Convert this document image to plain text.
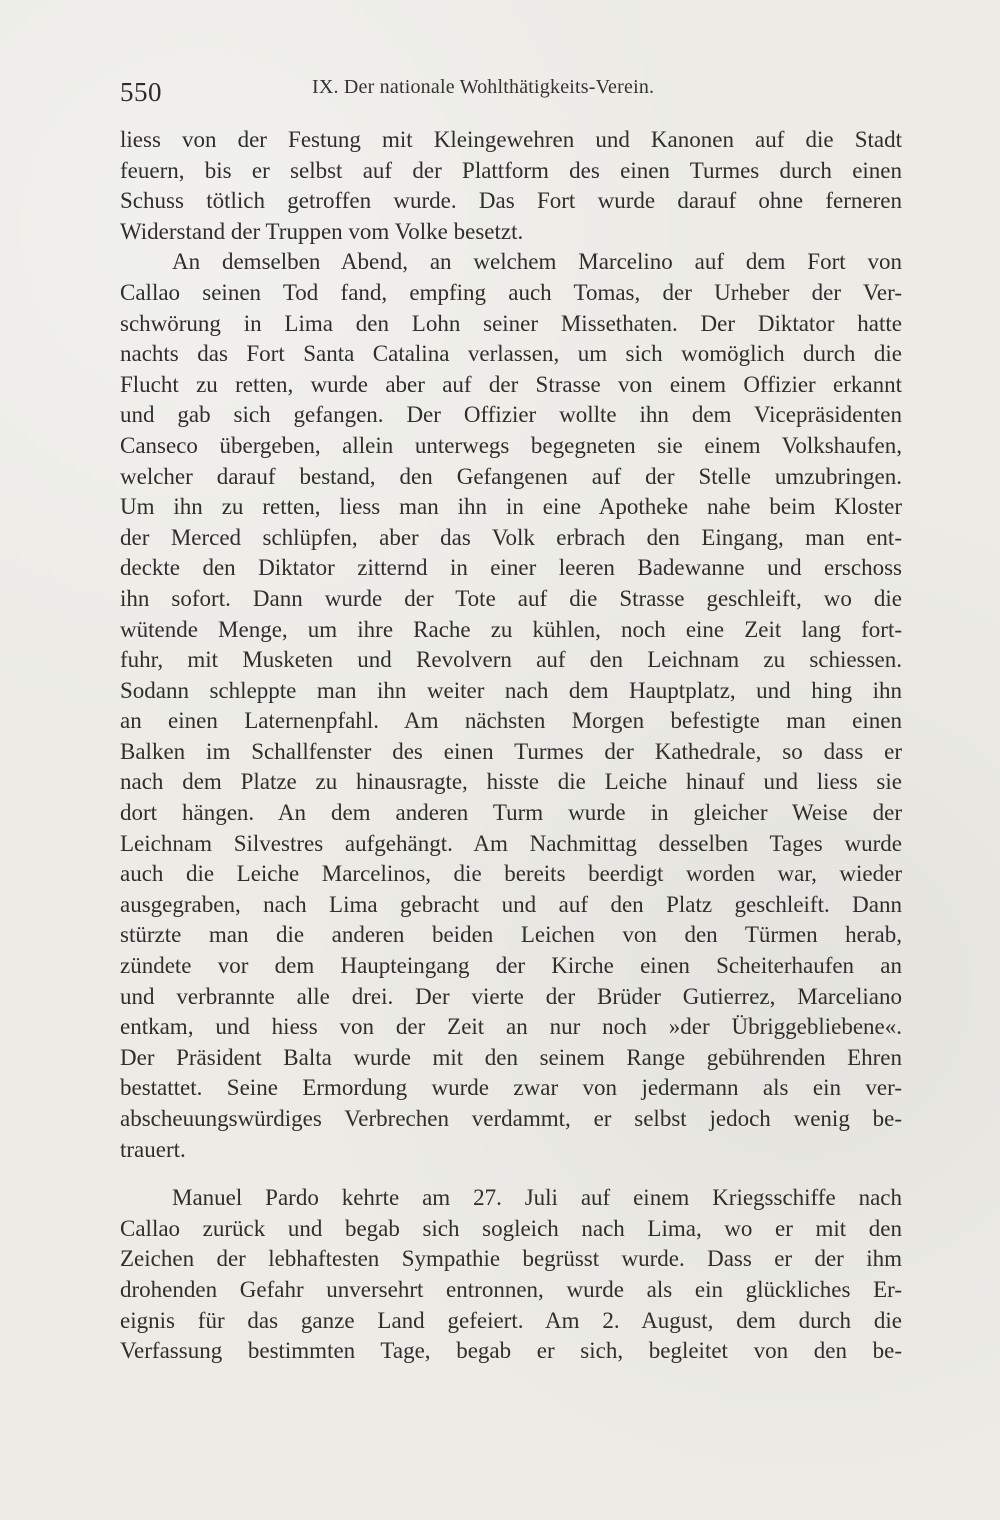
550	IX. Der nationale Wohlthätigkeits-Verein.
liess von der Festung mit Kleingewehren und Kanonen auf die Stadt
feuern, bis er selbst auf der Plattform des einen Turmes durch einen
Schuss tötlich getroffen wurde. Das Fort wurde darauf ohne ferneren
Widerstand der Truppen vom Volke besetzt.
An demselben Abend, an welchem Marcelino auf dem Fort von
Callao seinen Tod fand, empfing auch Tomas, der Urheber der Ver-
schwörung in Lima den Lohn seiner Missethaten. Der Diktator hatte
nachts das Fort Santa Catalina verlassen, um sich womöglich durch die
Flucht zu retten, wurde aber auf der Strasse von einem Offizier erkannt
und gab sich gefangen. Der Offizier wollte ihn dem Vicepräsidenten
Canseco übergeben, allein unterwegs begegneten sie einem Volkshaufen,
welcher darauf bestand, den Gefangenen auf der Stelle umzubringen.
Um ihn zu retten, liess man ihn in eine Apotheke nahe beim Kloster
der Merced schlüpfen, aber das Volk erbrach den Eingang, man ent-
deckte den Diktator zitternd in einer leeren Badewanne und erschoss
ihn sofort. Dann wurde der Tote auf die Strasse geschleift, wo die
wütende Menge, um ihre Rache zu kühlen, noch eine Zeit lang fort-
fuhr, mit Musketen und Revolvern auf den Leichnam zu schiessen.
Sodann schleppte man ihn weiter nach dem Hauptplatz, und hing ihn
an einen Laternenpfahl. Am nächsten Morgen befestigte man einen
Balken im Schallfenster des einen Turmes der Kathedrale, so dass er
nach dem Platze zu hinausragte, hisste die Leiche hinauf und liess sie
dort hängen. An dem anderen Turm wurde in gleicher Weise der
Leichnam Silvestres aufgehängt. Am Nachmittag desselben Tages wurde
auch die Leiche Marcelinos, die bereits beerdigt worden war, wieder
ausgegraben, nach Lima gebracht und auf den Platz geschleift. Dann
stürzte man die anderen beiden Leichen von den Türmen herab,
zündete vor dem Haupteingang der Kirche einen Scheiterhaufen an
und verbrannte alle drei. Der vierte der Brüder Gutierrez, Marceliano
entkam, und hiess von der Zeit an nur noch »der Übriggebliebene«.
Der Präsident Balta wurde mit den seinem Range gebührenden Ehren
bestattet. Seine Ermordung wurde zwar von jedermann als ein ver-
abscheuungswürdiges Verbrechen verdammt, er selbst jedoch wenig be-
trauert.
Manuel Pardo kehrte am 27. Juli auf einem Kriegsschiffe nach
Callao zurück und begab sich sogleich nach Lima, wo er mit den
Zeichen der lebhaftesten Sympathie begrüsst wurde. Dass er der ihm
drohenden Gefahr unversehrt entronnen, wurde als ein glückliches Er-
eignis für das ganze Land gefeiert. Am 2. August, dem durch die
Verfassung bestimmten Tage, begab er sich, begleitet von den be-
